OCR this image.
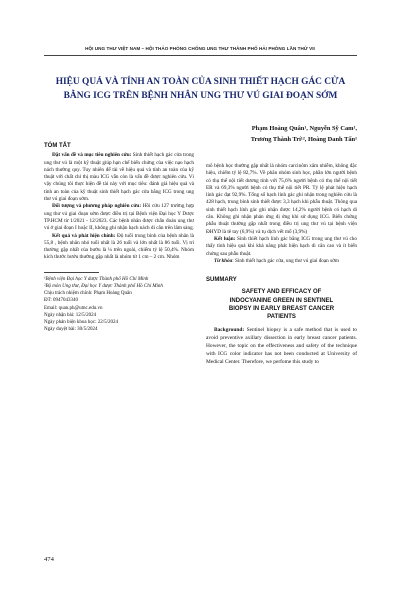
HỘI UNG THƯ VIỆT NAM – HỘI THẢO PHÒNG CHỐNG UNG THƯ THÀNH PHỐ HẢI PHÒNG LẦN THỨ VII
HIỆU QUẢ VÀ TÍNH AN TOÀN CỦA SINH THIẾT HẠCH GÁC CỬA
BẰNG ICG TRÊN BỆNH NHÂN UNG THƯ VÚ GIAI ĐOẠN SỚM
Phạm Hoàng Quân¹, Nguyễn Sỹ Cam¹,
Trương Thành Trí¹², Hoàng Danh Tấn¹
TÓM TẮT

Đặt vấn đề và mục tiêu nghiên cứu: Sinh thiết hạch gác cửa trong ung thư vú là một kỹ thuật giúp hạn chế biến chứng của việc nạo hạch nách thường quy. Tuy nhiên để tài về hiệu quả và tính an toàn của kỹ thuật với chất chỉ thị màu ICG vẫn còn là vấn đề được nghiên cứu. Vì vậy chúng tôi thực hiện đề tài này với mục tiêu: đánh giá hiệu quả và tính an toàn của kỹ thuật sinh thiết hạch gác cửa bằng ICG trong ung thư vú giai đoạn sớm.

Đối tượng và phương pháp nghiên cứu: Hồi cứu 127 trường hợp ung thư vú giai đoạn sớm được điều trị tại Bệnh viện Đại học Y Dược TP.HCM từ 1/2021 - 12/2023. Các bệnh nhân được chẩn đoán ung thư vú ở giai đoạn I hoặc II, không ghi nhận hạch nách di căn trên lâm sàng.

Kết quả và phát hiện chính: Độ tuổi trung bình của bệnh nhân là 55,8 , bệnh nhân nhỏ tuổi nhất là 26 tuổi và lớn nhất là 86 tuổi. Vị trí thường gặp nhất của bướu là ¼ trên ngoài, chiếm tỷ lệ 50,4%. Nhóm kích thước bướu thường gặp nhất là nhóm từ 1 cm – 2 cm. Nhóm

¹Bệnh viện Đại học Y dược Thành phố Hồ Chí Minh

²Bộ môn Ung thư, Đại học Y dược Thành phố Hồ Chí Minh

Chịu trách nhiệm chính: Phạm Hoàng Quân

ĐT: 0947043340

Email: quan.ph@umc.edu.vn

Ngày nhận bài: 12/5/2024

Ngày phản biện khoa học: 22/5/2024

Ngày duyệt bài: 30/5/2024

mô bệnh học thường gặp nhất là nhóm carcinôm xâm nhiễm, không đặc hiệu, chiếm tỷ lệ 82,7%. Về phân nhóm sinh học, phần lớn người bệnh có thụ thể nội tiết dương tính với 75,6% người bệnh có thụ thể nội tiết ER và 69,3% người bệnh có thụ thể nội tiết PR. Tỷ lệ phát hiện hạch lính gác đạt 92,9%. Tổng số hạch lính gác ghi nhận trong nghiên cứu là 428 hạch, trung bình sinh thiết được 3,3 hạch khi phẫu thuật. Thông qua sinh thiết hạch lính gác ghi nhận được 14,2% người bệnh có hạch di căn. Không ghi nhận phản ứng dị ứng khi sử dụng ICG. Biến chứng phẫu thuật thường gặp nhất trong điều trị ung thư vú tại bệnh viện ĐHYD là tê tay (6,9%) và tụ dịch vết mổ (3,9%)

Kết luận: Sinh thiết hạch lính gác bằng ICG trong ung thư vú cho thấy tính hiệu quả khi khả năng phát hiện hạch di căn cao và ít biến chứng sau phẫu thuật.

Từ khóa: Sinh thiết hạch gác cửa, ung thư vú giai đoạn sớm

SUMMARY
SAFETY AND EFFICACY OF
INDOCYANINE GREEN IN SENTINEL
BIOPSY IN EARLY BREAST CANCER
PATIENTS

Background: Sentinel biopsy is a safe method that is used to avoid preventive axillary dissection in early breast cancer patients. However, the topic on the effectiveness and safety of the technique with ICG color indicator has not been conducted at University of Medical Center. Therefore, we perfome this study to

474
